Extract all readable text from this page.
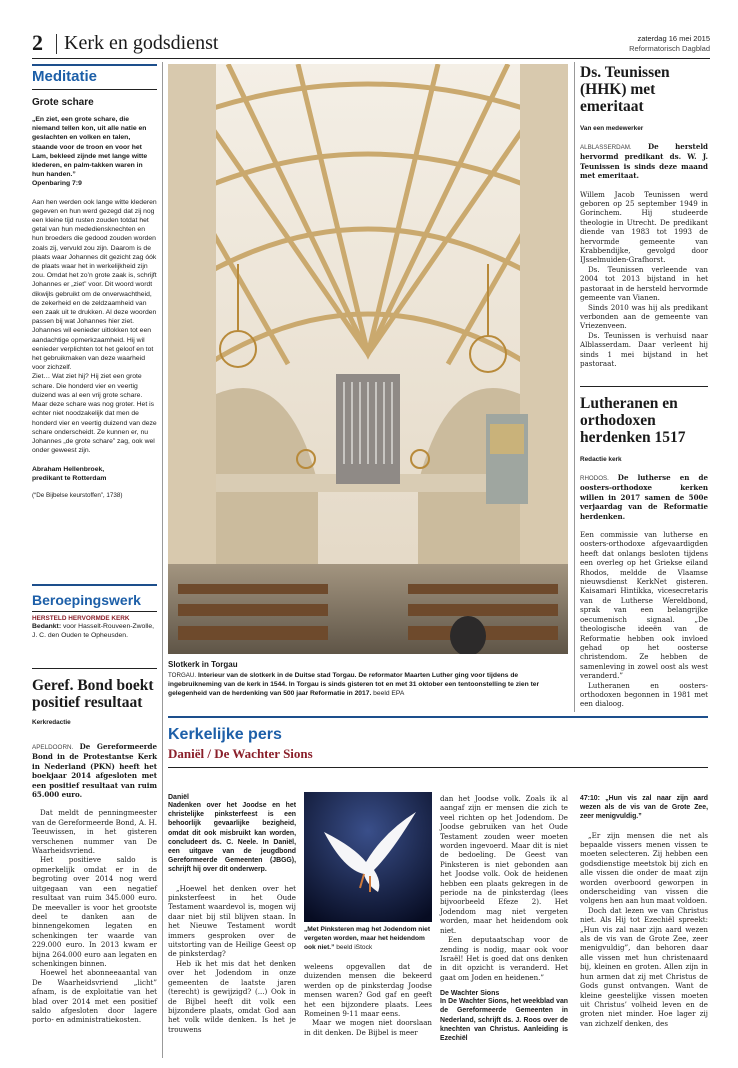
2 Kerk en godsdienst	zaterdag 16 mei 2015
Reformatorisch Dagblad
Meditatie
Grote schare
„En ziet, een grote schare, die niemand tellen kon, uit alle natie en geslachten en volken en talen, staande voor de troon en voor het Lam, bekleed zijnde met lange witte klederen, en palm-takken waren in hun handen.”
Openbaring 7:9
Aan hen werden ook lange witte klederen gegeven en hun werd gezegd dat zij nog een kleine tijd rusten zouden totdat het getal van hun medediensknechten en hun broeders die gedood zouden worden zoals zij, vervuld zou zijn. Daarom is de plaats waar Johannes dit gezicht zag óók de plaats waar het in werkelijkheid zijn zou. Omdat het zo’n grote zaak is, schrijft Johannes er „ziet” voor. Dit woord wordt dikwijls gebruikt om de onverwachtheid, de zekerheid en de zeldzaamheid van een zaak uit te drukken. Al deze woorden passen bij wat Johannes hier ziet. Johannes wil eenieder uitlokken tot een aandachtige opmerkzaamheid. Hij wil eenieder verplichten tot het geloof en tot het gebruikmaken van deze waarheid voor zichzelf.
Ziet… Wat ziet hij? Hij ziet een grote schare. Die honderd vier en veertig duizend was al een vrij grote schare. Maar deze schare was nog groter. Het is echter niet noodzakelijk dat men de honderd vier en veertig duizend van deze schare onderscheidt. Ze kunnen er, nu Johannes „de grote schare” zag, ook wel onder geweest zijn.
Abraham Hellenbroek,
predikant te Rotterdam
(“De Bijbelse keurstoffen”, 1738)
Beroepingswerk
HERSTELD HERVORMDE KERK
Bedankt: voor Hasselt-Rouveen-Zwolle, J. C. den Ouden te Opheusden.
Geref. Bond boekt positief resultaat
Kerkredactie
APELDOORN. De Gereformeerde Bond in de Protestantse Kerk in Nederland (PKN) heeft het boekjaar 2014 afgesloten met een positief resultaat van ruim 65.000 euro.

Dat meldt de penningmeester van de Gereformeerde Bond, A. H. Teeuwissen, in het gisteren verschenen nummer van De Waarheidsvriend.

Het positieve saldo is opmerkelijk omdat er in de begroting over 2014 nog werd uitgegaan van een negatief resultaat van ruim 345.000 euro. De meevaller is voor het grootste deel te danken aan de binnengekomen legaten en schenkingen ter waarde van 229.000 euro. In 2013 kwam er bijna 264.000 euro aan legaten en schenkingen binnen.

Hoewel het abonneeaantal van De Waarheidsvriend „licht” afnam, is de exploitatie van het blad over 2014 met een positief saldo afgesloten door lagere porto- en administratiekosten.

Slotkerk in Torgau
TORGAU. Interieur van de slotkerk in de Duitse stad Torgau. De reformator Maarten Luther ging voor tijdens de ingebruikneming van de kerk in 1544. In Torgau is sinds gisteren tot en met 31 oktober een tentoonstelling te zien ter gelegenheid van de herdenking van 500 jaar Reformatie in 2017. beeld EPA
Ds. Teunissen (HHK) met emeritaat
Van een medewerker
ALBLASSERDAM. De hersteld hervormd predikant ds. W. J. Teunissen is sinds deze maand met emeritaat.

Willem Jacob Teunissen werd geboren op 25 september 1949 in Gorinchem. Hij studeerde theologie in Utrecht. De predikant diende van 1983 tot 1993 de hervormde gemeente van Krabbendijke, gevolgd door IJsselmuiden-Grafhorst.

Ds. Teunissen verleende van 2004 tot 2013 bijstand in het pastoraat in de hersteld hervormde gemeente van Vianen.

Sinds 2010 was hij als predikant verbonden aan de gemeente van Vriezenveen.

Ds. Teunissen is verhuisd naar Alblasserdam. Daar verleent hij sinds 1 mei bijstand in het pastoraat.

Lutheranen en orthodoxen herdenken 1517
Redactie kerk
RHODOS. De lutherse en de oosters-orthodoxe kerken willen in 2017 samen de 500e verjaardag van de Reformatie herdenken.

Een commissie van lutherse en oosters-orthodoxe afgevaardigden heeft dat onlangs besloten tijdens een overleg op het Griekse eiland Rhodos, meldde de Vlaamse nieuwsdienst KerkNet gisteren. Kaisamari Hintikka, vicesecretaris van de Lutherse Wereldbond, sprak van een belangrijke oecumenisch signaal. „De theologische ideeën van de Reformatie hebben ook invloed gehad op het oosterse christendom. Ze hebben de samenleving in zowel oost als west veranderd.”

Lutheranen en oosters-orthodoxen begonnen in 1981 met een dialoog.

Kerkelijke pers
Daniël / De Wachter Sions
Daniël
Nadenken over het Joodse en het christelijke pinksterfeest is een behoorlijk gevaarlijke bezigheid, omdat dit ook misbruikt kan worden, concludeert ds. C. Neele. In Daniël, een uitgave van de jeugdbond Gereformeerde Gemeenten (JBGG), schrijft hij over dit onderwerp.

„Hoewel het denken over het pinksterfeest in het Oude Testament waardevol is, mogen wij daar niet bij stil blijven staan. In het Nieuwe Testament wordt immers gesproken over de uitstorting van de Heilige Geest op de pinksterdag?

Heb ik het mis dat het denken over het Jodendom in onze gemeenten de laatste jaren (terecht) is gewijzigd? (...) Ook in de Bijbel heeft dit volk een bijzondere plaats, omdat God aan het volk wilde denken. Is het je trouwens

„Met Pinksteren mag het Jodendom niet vergeten worden, maar het heidendom ook niet.” beeld iStock

weleens opgevallen dat de duizenden mensen die bekeerd werden op de pinksterdag Joodse mensen waren? God gaf en geeft het een bijzondere plaats. Lees Romeinen 9-11 maar eens.

Maar we mogen niet doorslaan in dit denken. De Bijbel is meer

dan het Joodse volk. Zoals ik al aangaf zijn er mensen die zich te veel richten op het Jodendom. De Joodse gebruiken van het Oude Testament zouden weer moeten worden ingevoerd. Maar dit is niet de bedoeling. De Geest van Pinksteren is niet gebonden aan het Joodse volk. Ook de heidenen hebben een plaats gekregen in de periode na de pinksterdag (lees bijvoorbeeld Efeze 2). Het Jodendom mag niet vergeten worden, maar het heidendom ook niet.

Een deputaatschap voor de zending is nodig, maar ook voor Israël! Het is goed dat ons denken in dit opzicht is veranderd. Het gaat om Joden en heidenen.”

De Wachter Sions
In De Wachter Sions, het weekblad van de Gereformeerde Gemeenten in Nederland, schrijft ds. J. Roos over de knechten van Christus. Aanleiding is Ezechiël
47:10: „Hun vis zal naar zijn aard wezen als de vis van de Grote Zee, zeer menigvuldig.”

„Er zijn mensen die net als bepaalde vissers menen vissen te moeten selecteren. Zij hebben een godsdienstige meetstok bij zich en alle vissen die onder de maat zijn worden overboord geworpen in onderscheiding van vissen die volgens hen aan hun maat voldoen.

Doch dat lezen we van Christus niet. Als Hij tot Ezechiël spreekt: „Hun vis zal naar zijn aard wezen als de vis van de Grote Zee, zeer menigvuldig”, dan behoren daar alle vissen met hun christenaard bij, kleinen en groten. Allen zijn in hun armen dat zij met Christus de Gods gunst ontvangen. Want de kleine geestelijke vissen moeten uit Christus’ volheid leven en de groten niet minder. Hoe lager zij van zichzelf denken, des
